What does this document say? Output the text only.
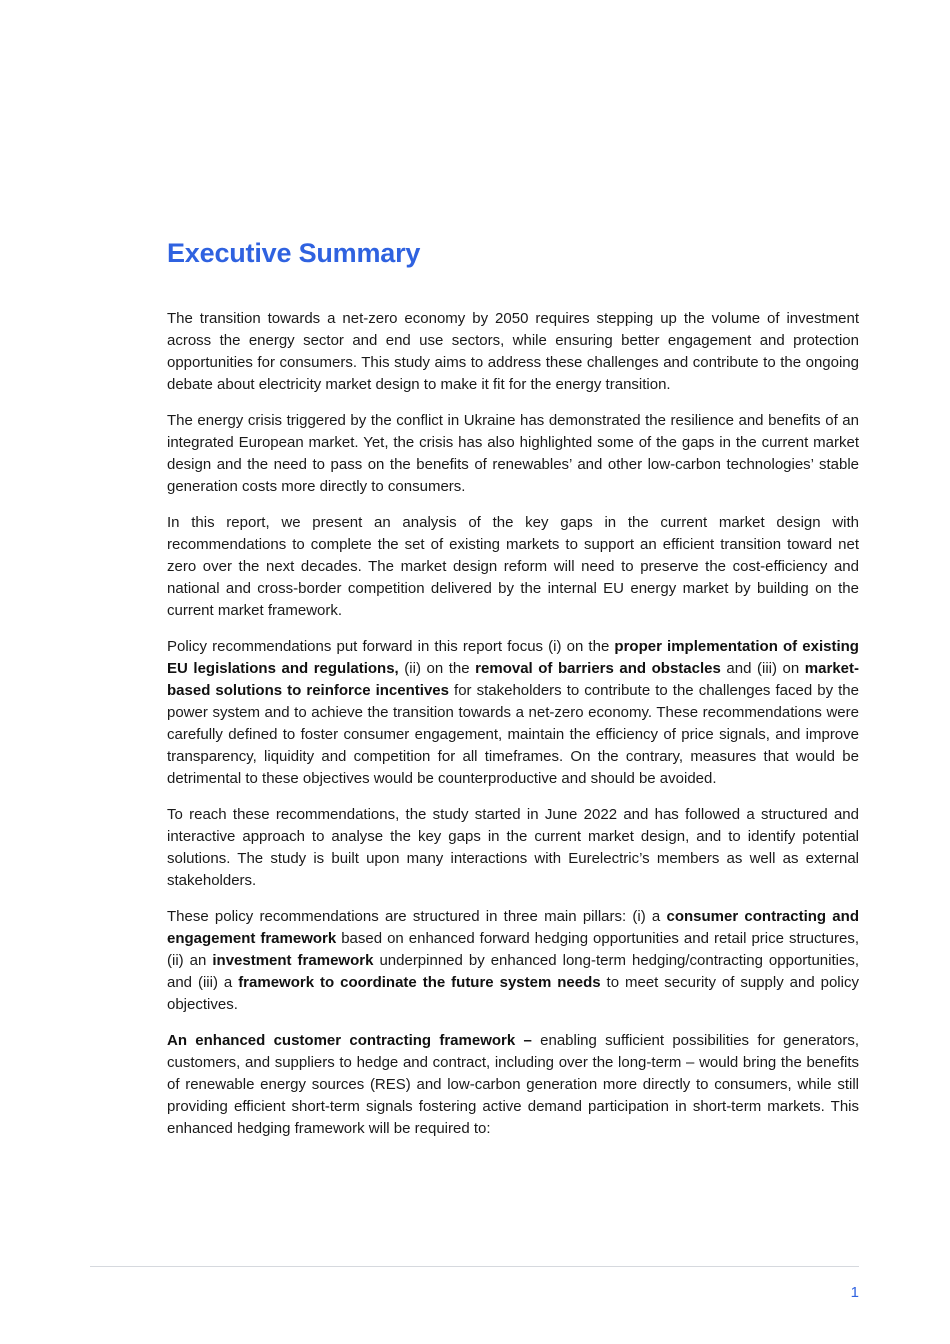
Executive Summary

The transition towards a net-zero economy by 2050 requires stepping up the volume of investment across the energy sector and end use sectors, while ensuring better engagement and protection opportunities for consumers. This study aims to address these challenges and contribute to the ongoing debate about electricity market design to make it fit for the energy transition.

The energy crisis triggered by the conflict in Ukraine has demonstrated the resilience and benefits of an integrated European market. Yet, the crisis has also highlighted some of the gaps in the current market design and the need to pass on the benefits of renewables’ and other low-carbon technologies’ stable generation costs more directly to consumers.

In this report, we present an analysis of the key gaps in the current market design with recommendations to complete the set of existing markets to support an efficient transition toward net zero over the next decades. The market design reform will need to preserve the cost-efficiency and national and cross-border competition delivered by the internal EU energy market by building on the current market framework.

Policy recommendations put forward in this report focus (i) on the proper implementation of existing EU legislations and regulations, (ii) on the removal of barriers and obstacles and (iii) on market-based solutions to reinforce incentives for stakeholders to contribute to the challenges faced by the power system and to achieve the transition towards a net-zero economy. These recommendations were carefully defined to foster consumer engagement, maintain the efficiency of price signals, and improve transparency, liquidity and competition for all timeframes. On the contrary, measures that would be detrimental to these objectives would be counterproductive and should be avoided.

To reach these recommendations, the study started in June 2022 and has followed a structured and interactive approach to analyse the key gaps in the current market design, and to identify potential solutions. The study is built upon many interactions with Eurelectric’s members as well as external stakeholders.

These policy recommendations are structured in three main pillars: (i) a consumer contracting and engagement framework based on enhanced forward hedging opportunities and retail price structures, (ii) an investment framework underpinned by enhanced long-term hedging/contracting opportunities, and (iii) a framework to coordinate the future system needs to meet security of supply and policy objectives.

An enhanced customer contracting framework – enabling sufficient possibilities for generators, customers, and suppliers to hedge and contract, including over the long-term – would bring the benefits of renewable energy sources (RES) and low-carbon generation more directly to consumers, while still providing efficient short-term signals fostering active demand participation in short-term markets. This enhanced hedging framework will be required to:

1
